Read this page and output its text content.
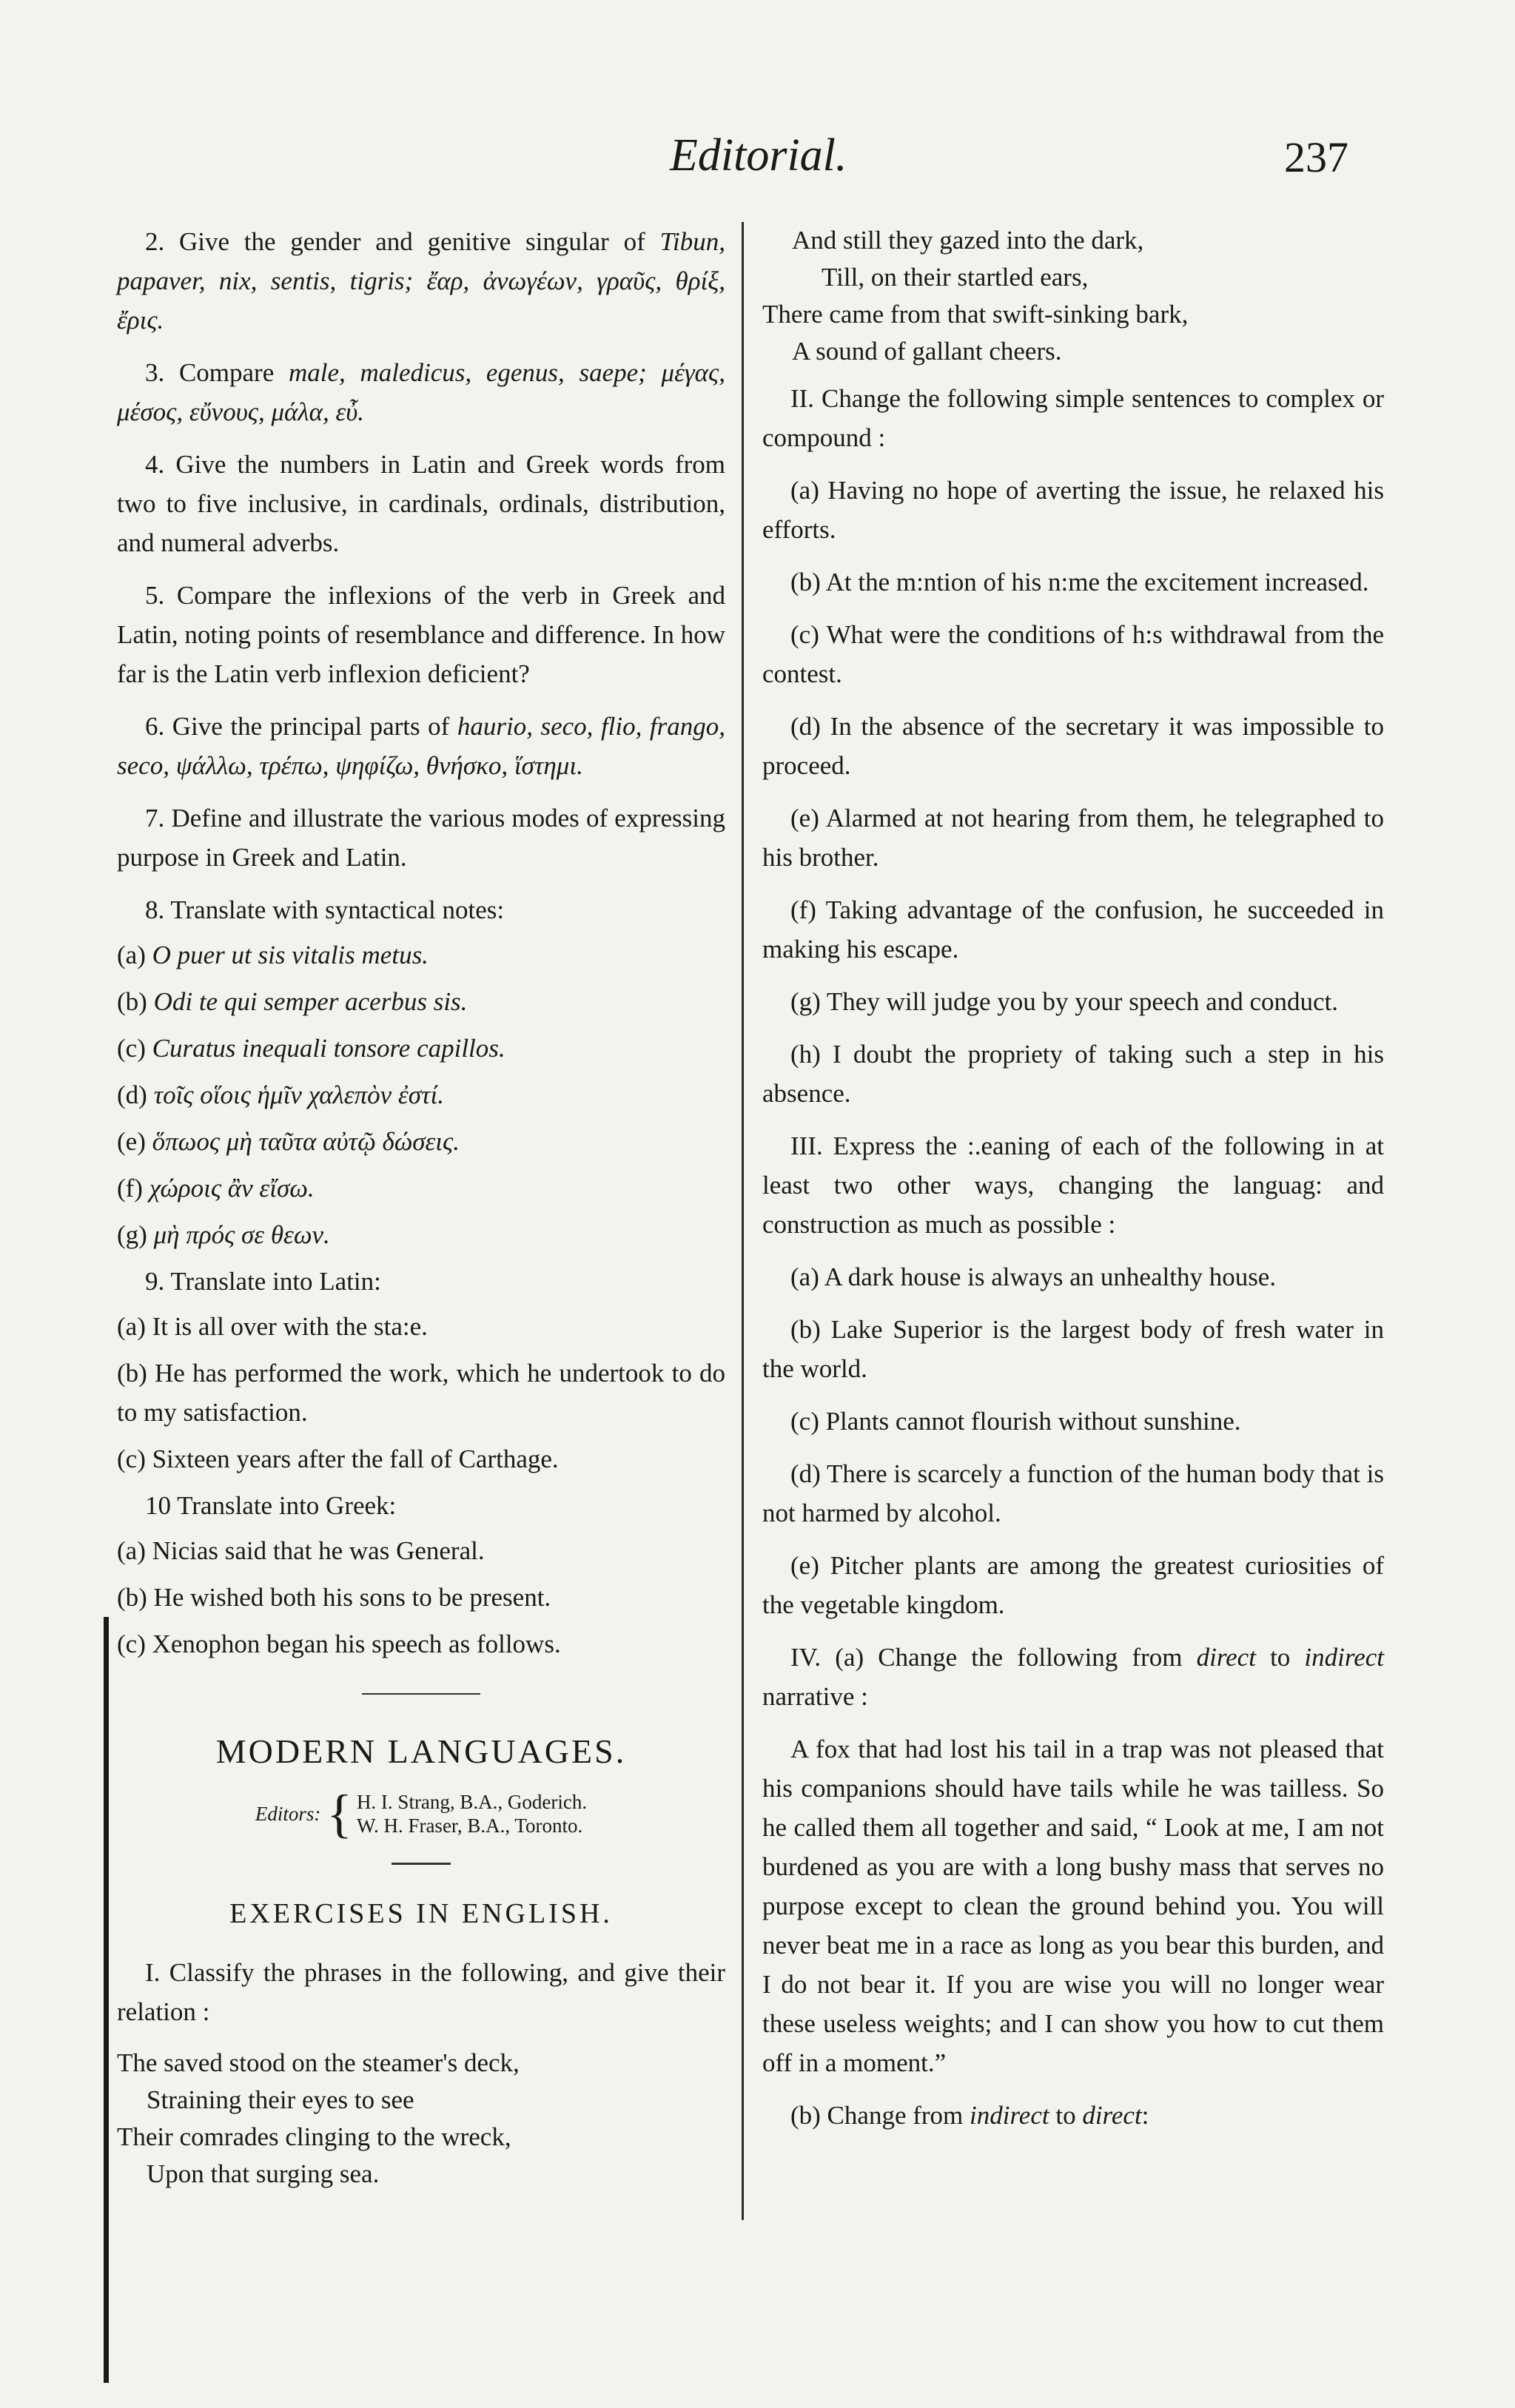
Editorial.	237

2. Give the gender and genitive singular of Tibun, papaver, nix, sentis, tigris; ἔαρ, ἀνωγέων, γραῦς, θρίξ, ἔρις.

3. Compare male, maledicus, egenus, saepe; μέγας, μέσος, εὔνους, μάλα, εὖ.

4. Give the numbers in Latin and Greek words from two to five inclusive, in cardinals, ordinals, distribution, and numeral adverbs.

5. Compare the inflexions of the verb in Greek and Latin, noting points of resemblance and difference. In how far is the Latin verb inflexion deficient?

6. Give the principal parts of haurio, seco, flio, frango, seco, ψάλλω, τρέπω, ψηφίζω, θνήσκο, ἵστημι.

7. Define and illustrate the various modes of expressing purpose in Greek and Latin.

8. Translate with syntactical notes:

(a) O puer ut sis vitalis metus.

(b) Odi te qui semper acerbus sis.

(c) Curatus inequali tonsore capillos.

(d) τοῖς οἵοις ἡμῖν χαλεπὸν ἐστί.

(e) ὅπωος μὴ ταῦτα αὐτῷ δώσεις.

(f) χώροις ἂν εἴσω.

(g) μὴ πρός σε θεων.

9. Translate into Latin:

(a) It is all over with the sta:e.

(b) He has performed the work, which he undertook to do to my satisfaction.

(c) Sixteen years after the fall of Carthage.

10 Translate into Greek:

(a) Nicias said that he was General.

(b) He wished both his sons to be present.

(c) Xenophon began his speech as follows.

MODERN LANGUAGES.
Editors: { H. I. Strang, B.A., Goderich.
W. H. Fraser, B.A., Toronto.
EXERCISES IN ENGLISH.

I. Classify the phrases in the following, and give their relation :

The saved stood on the steamer's deck,
Straining their eyes to see
Their comrades clinging to the wreck,
Upon that surging sea.
And still they gazed into the dark,
Till, on their startled ears,
There came from that swift-sinking bark,
A sound of gallant cheers.

II. Change the following simple sentences to complex or compound :

(a) Having no hope of averting the issue, he relaxed his efforts.

(b) At the m:ntion of his n:me the excitement increased.

(c) What were the conditions of h:s withdrawal from the contest.

(d) In the absence of the secretary it was impossible to proceed.

(e) Alarmed at not hearing from them, he telegraphed to his brother.

(f) Taking advantage of the confusion, he succeeded in making his escape.

(g) They will judge you by your speech and conduct.

(h) I doubt the propriety of taking such a step in his absence.

III. Express the :.eaning of each of the following in at least two other ways, changing the languag: and construction as much as possible :

(a) A dark house is always an unhealthy house.

(b) Lake Superior is the largest body of fresh water in the world.

(c) Plants cannot flourish without sunshine.

(d) There is scarcely a function of the human body that is not harmed by alcohol.

(e) Pitcher plants are among the greatest curiosities of the vegetable kingdom.

IV. (a) Change the following from direct to indirect narrative :

A fox that had lost his tail in a trap was not pleased that his companions should have tails while he was tailless. So he called them all together and said, “ Look at me, I am not burdened as you are with a long bushy mass that serves no purpose except to clean the ground behind you. You will never beat me in a race as long as you bear this burden, and I do not bear it. If you are wise you will no longer wear these useless weights; and I can show you how to cut them off in a moment.”

(b) Change from indirect to direct:
